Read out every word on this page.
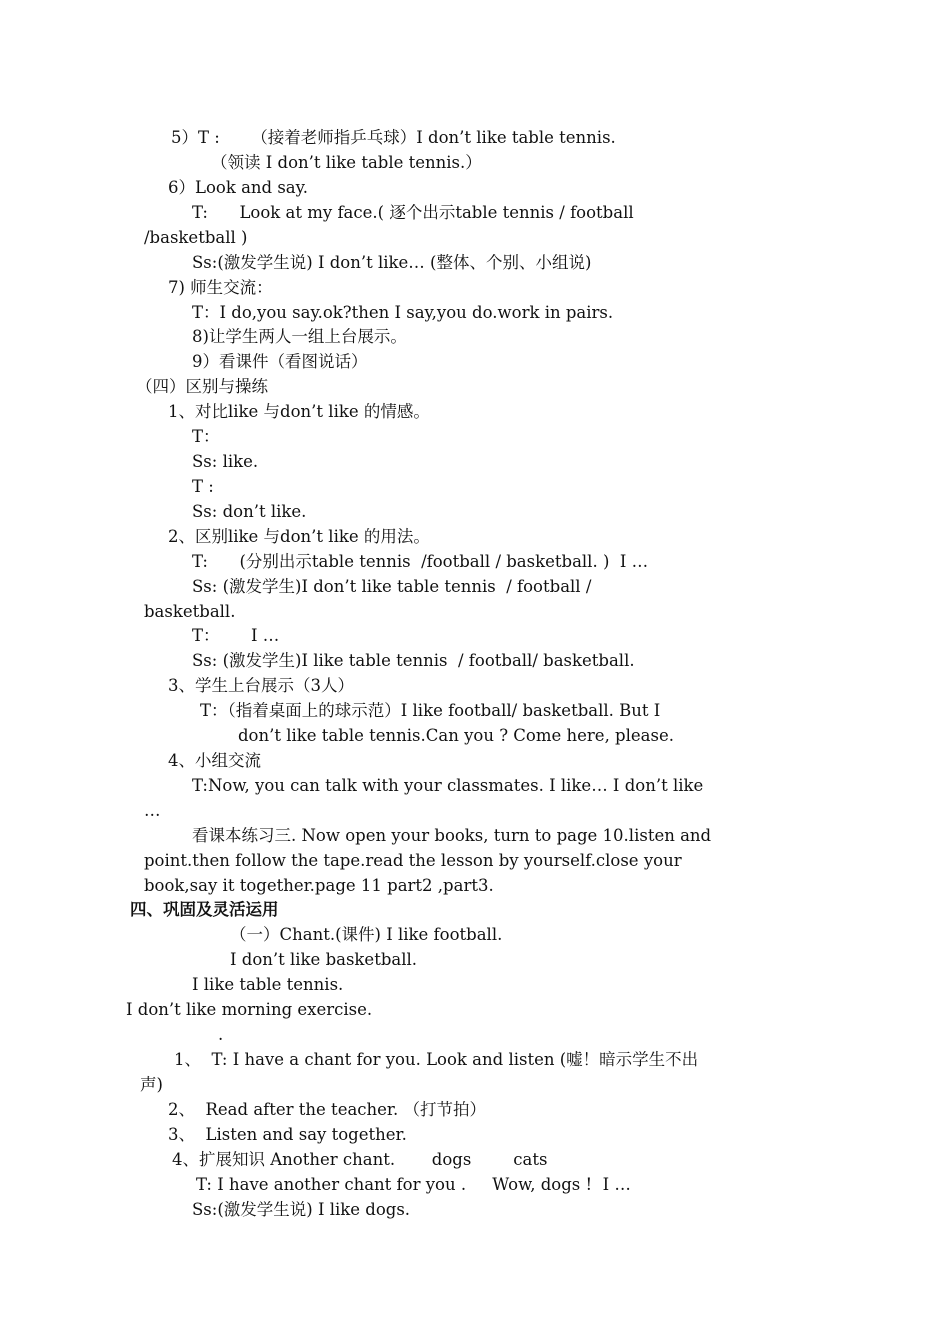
5）T :      （接着老师指乒乓球）I don’t like table tennis.
（领读 I don’t like table tennis.）
6）Look and say.
T:      Look at my face.( 逐个出示table tennis / football
/basketball )
Ss:(激发学生说) I don’t like… (整体、个别、小组说)
7) 师生交流：
T：I do,you say.ok?then I say,you do.work in pairs.
8)让学生两人一组上台展示。
9）看课件（看图说话）
（四）区别与操练
1、对比like 与don’t like 的情感。
T：
Ss: like.
T :
Ss: don’t like.
2、区别like 与don’t like 的用法。
T:      (分别出示table tennis  /football / basketball. )  I …
Ss: (激发学生)I don’t like table tennis  / football /
basketball.
T：      I …
Ss: (激发学生)I like table tennis  / football/ basketball.
3、学生上台展示（3人）
T：（指着桌面上的球示范）I like football/ basketball. But I
don’t like table tennis.Can you ? Come here, please.
4、小组交流
T:Now, you can talk with your classmates. I like… I don’t like
…
看课本练习三. Now open your books, turn to page 10.listen and
point.then follow the tape.read the lesson by yourself.close your
book,say it together.page 11 part2 ,part3.
四、巩固及灵活运用
（一）Chant.(课件) I like football.
I don’t like basketball.
I like table tennis.
I don’t like morning exercise.
.
1、  T: I have a chant for you. Look and listen (嘘！暗示学生不出
声)
2、  Read after the teacher. （打节拍）
3、  Listen and say together.
4、扩展知识 Another chant.       dogs        cats
T: I have another chant for you .     Wow, dogs !  I …
Ss:(激发学生说) I like dogs.
